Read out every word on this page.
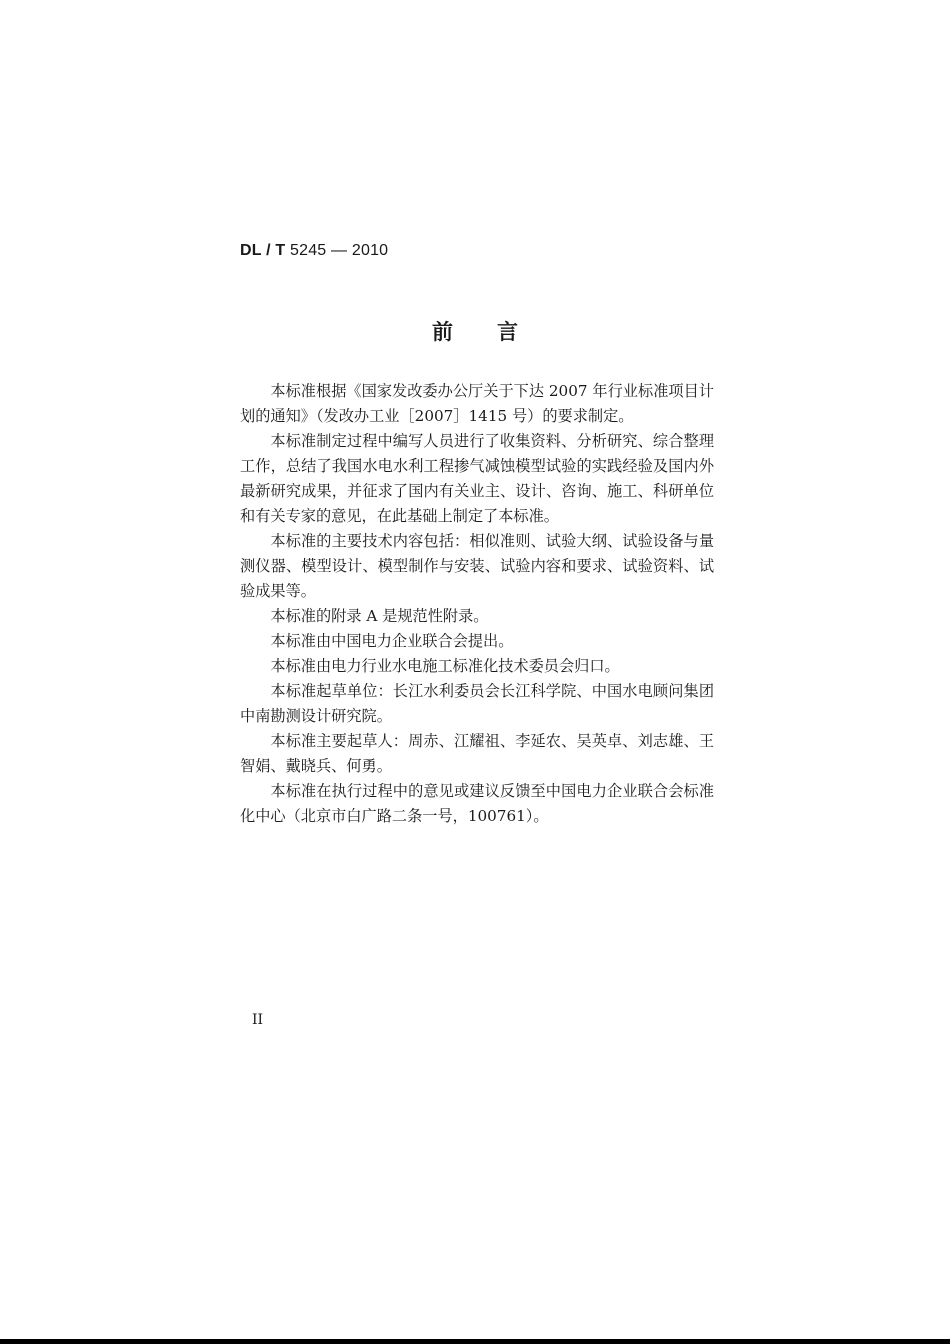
DL / T 5245 — 2010
前言

本标准根据《国家发改委办公厅关于下达 2007 年行业标准项目计划的通知》（发改办工业［2007］1415 号）的要求制定。

本标准制定过程中编写人员进行了收集资料、分析研究、综合整理工作，总结了我国水电水利工程掺气减蚀模型试验的实践经验及国内外最新研究成果，并征求了国内有关业主、设计、咨询、施工、科研单位和有关专家的意见，在此基础上制定了本标准。

本标准的主要技术内容包括：相似准则、试验大纲、试验设备与量测仪器、模型设计、模型制作与安装、试验内容和要求、试验资料、试验成果等。

本标准的附录 A 是规范性附录。

本标准由中国电力企业联合会提出。

本标准由电力行业水电施工标准化技术委员会归口。

本标准起草单位：长江水利委员会长江科学院、中国水电顾问集团中南勘测设计研究院。

本标准主要起草人：周赤、江耀祖、李延农、吴英卓、刘志雄、王智娟、戴晓兵、何勇。

本标准在执行过程中的意见或建议反馈至中国电力企业联合会标准化中心（北京市白广路二条一号，100761）。

II
